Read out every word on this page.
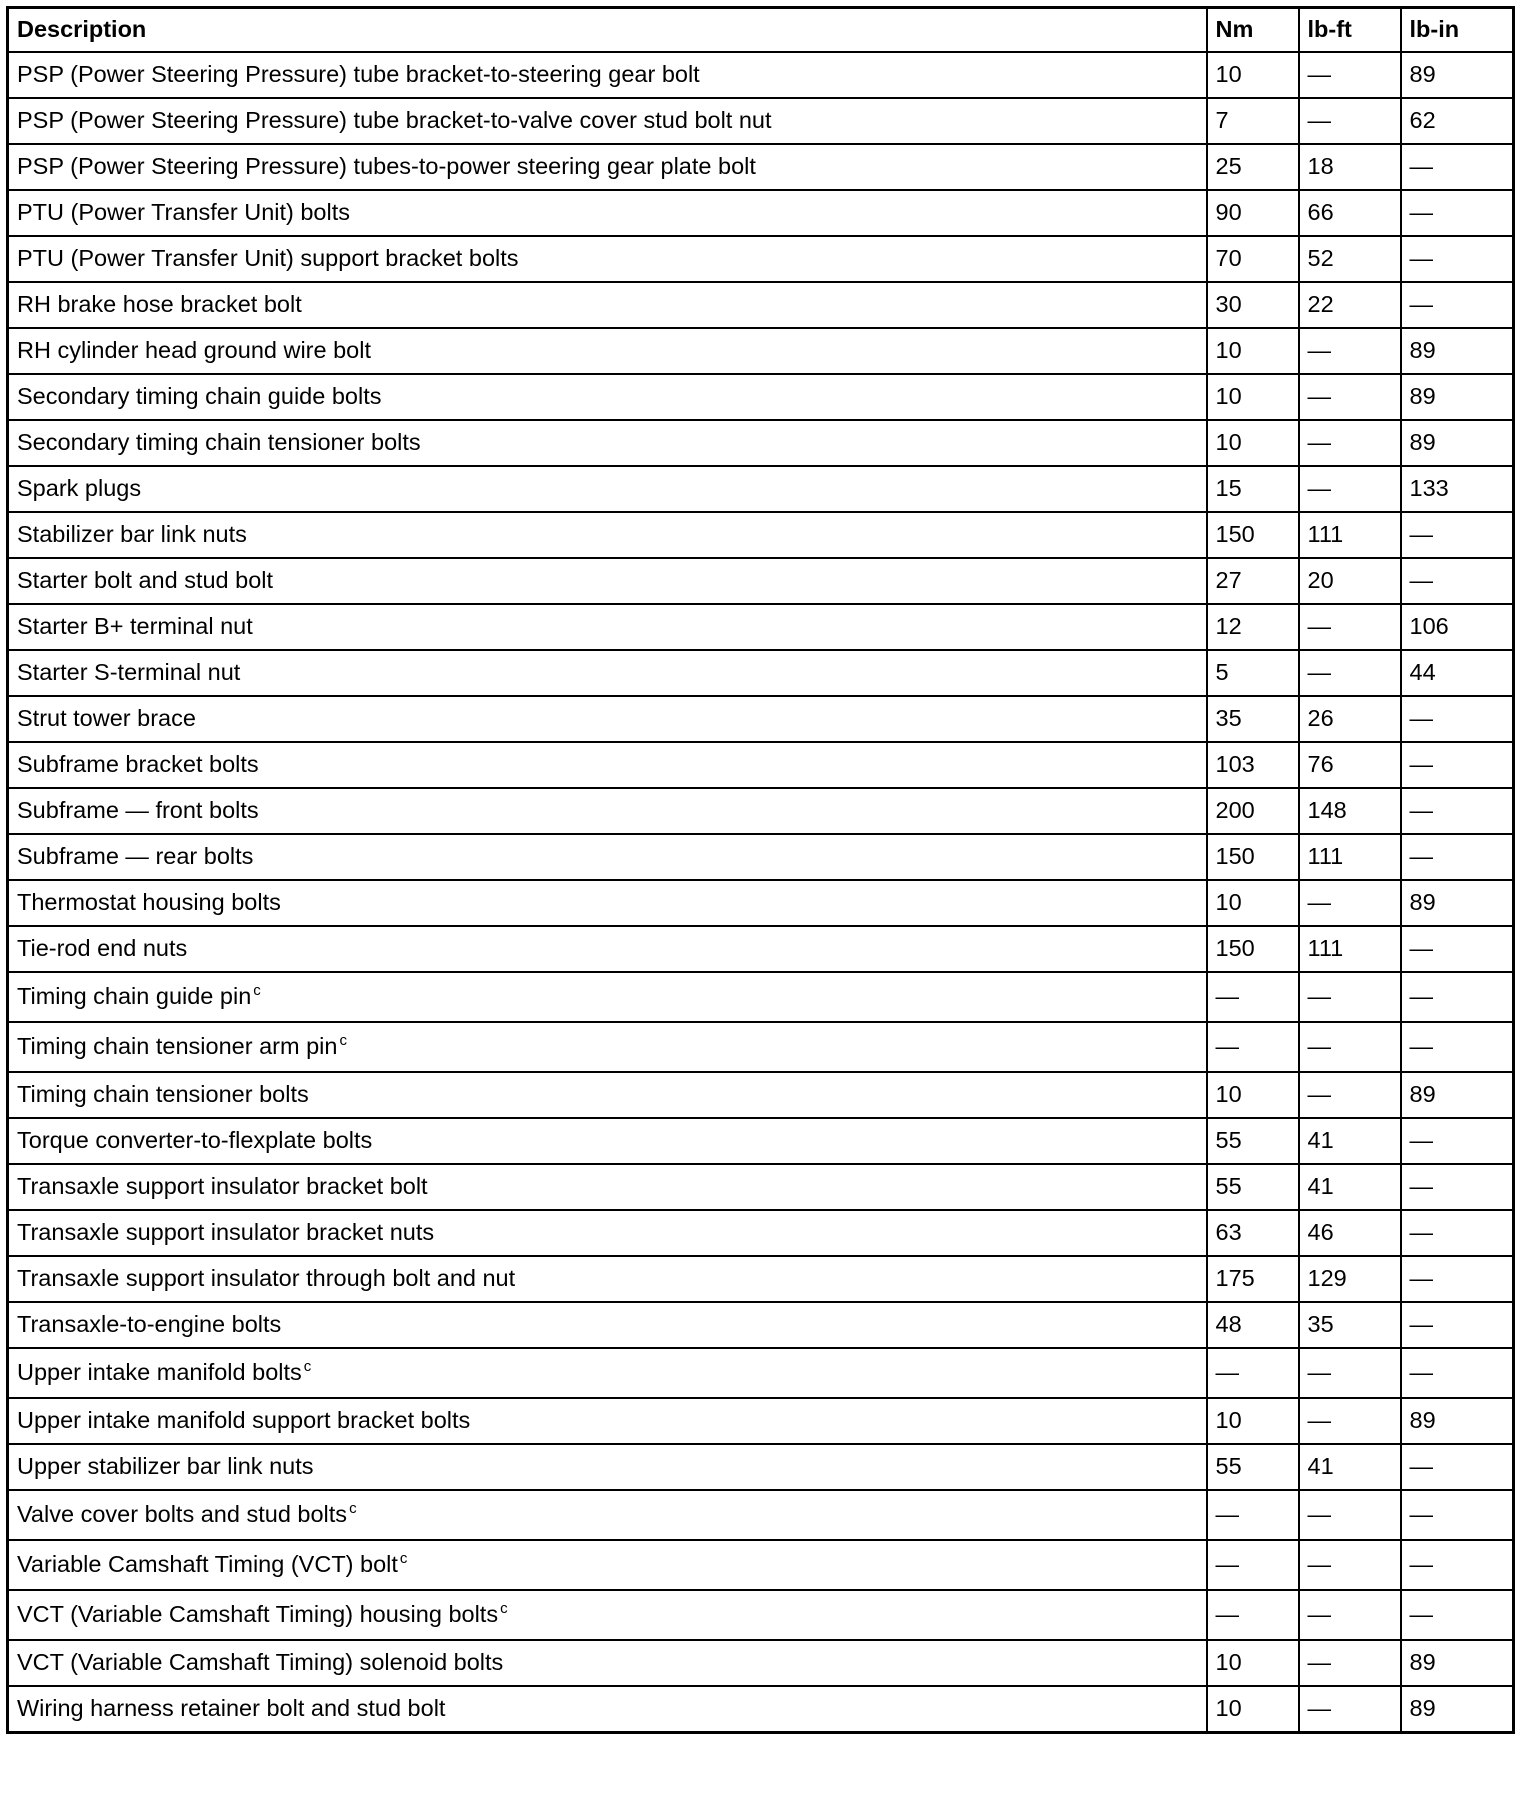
Description	Nm	lb-ft	lb-in
PSP (Power Steering Pressure) tube bracket-to-steering gear bolt	10	—	89
PSP (Power Steering Pressure) tube bracket-to-valve cover stud bolt nut	7	—	62
PSP (Power Steering Pressure) tubes-to-power steering gear plate bolt	25	18	—
PTU (Power Transfer Unit) bolts	90	66	—
PTU (Power Transfer Unit) support bracket bolts	70	52	—
RH brake hose bracket bolt	30	22	—
RH cylinder head ground wire bolt	10	—	89
Secondary timing chain guide bolts	10	—	89
Secondary timing chain tensioner bolts	10	—	89
Spark plugs	15	—	133
Stabilizer bar link nuts	150	111	—
Starter bolt and stud bolt	27	20	—
Starter B+ terminal nut	12	—	106
Starter S-terminal nut	5	—	44
Strut tower brace	35	26	—
Subframe bracket bolts	103	76	—
Subframe — front bolts	200	148	—
Subframe — rear bolts	150	111	—
Thermostat housing bolts	10	—	89
Tie-rod end nuts	150	111	—
Timing chain guide pin $^c$	—	—	—
Timing chain tensioner arm pin $^c$	—	—	—
Timing chain tensioner bolts	10	—	89
Torque converter-to-flexplate bolts	55	41	—
Transaxle support insulator bracket bolt	55	41	—
Transaxle support insulator bracket nuts	63	46	—
Transaxle support insulator through bolt and nut	175	129	—
Transaxle-to-engine bolts	48	35	—
Upper intake manifold bolts $^c$	—	—	—
Upper intake manifold support bracket bolts	10	—	89
Upper stabilizer bar link nuts	55	41	—
Valve cover bolts and stud bolts $^c$	—	—	—
Variable Camshaft Timing (VCT) bolt $^c$	—	—	—
VCT (Variable Camshaft Timing) housing bolts $^c$	—	—	—
VCT (Variable Camshaft Timing) solenoid bolts	10	—	89
Wiring harness retainer bolt and stud bolt	10	—	89
